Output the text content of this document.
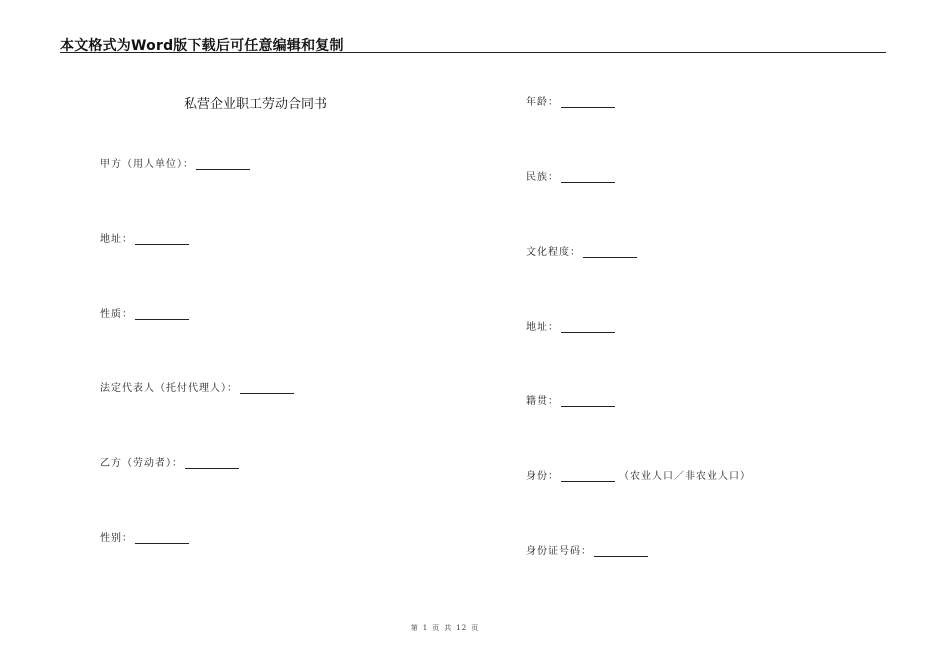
本文格式为Word版下载后可任意编辑和复制
私营企业职工劳动合同书
甲方（用人单位）：
地址：
性质：
法定代表人（托付代理人）：
乙方（劳动者）：
性别：
年龄：
民族：
文化程度：
地址：
籍贯：
身份：	（农业人口／非农业人口）
身份证号码：
第 1 页 共 12 页
